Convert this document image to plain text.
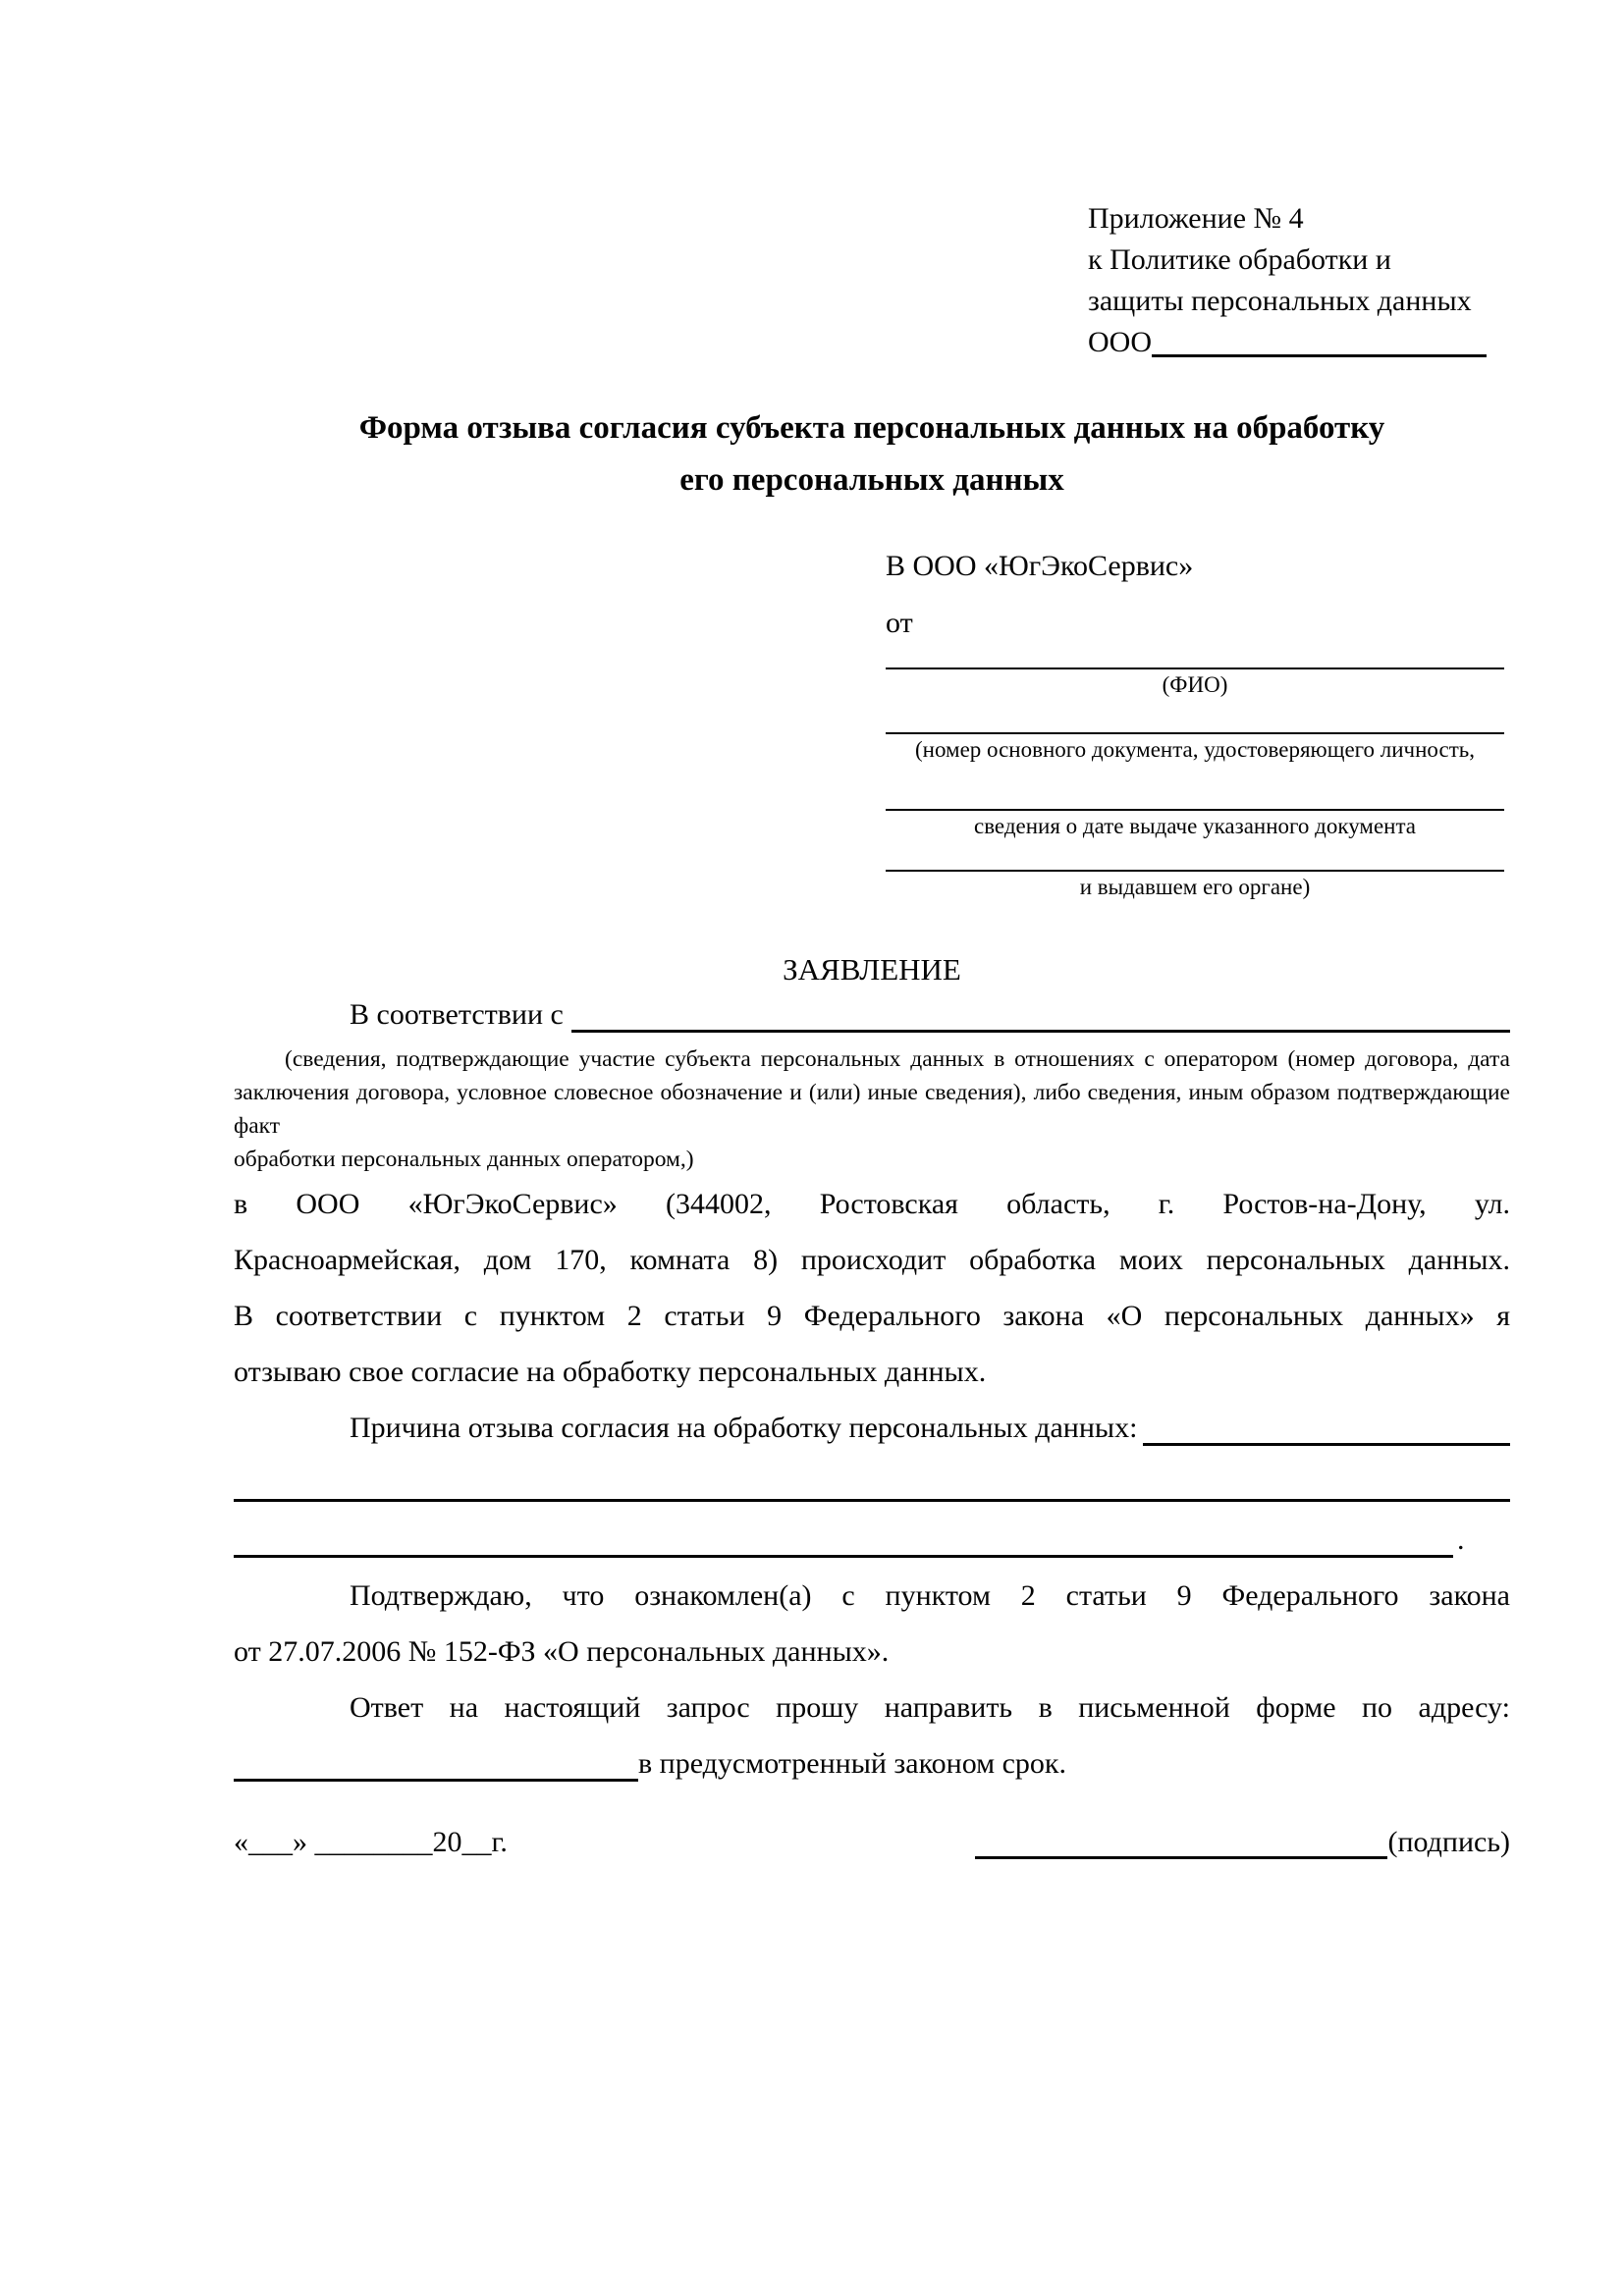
Приложение № 4
к Политике обработки и
защиты персональных данных
ООО
Форма отзыва согласия субъекта персональных данных на обработку
его персональных данных
В ООО «ЮгЭкоСервис»
от
(ФИО)
(номер основного документа, удостоверяющего личность,
сведения о дате выдаче указанного документа
и выдавшем его органе)
ЗАЯВЛЕНИЕ
В соответствии с
(сведения, подтверждающие участие субъекта персональных данных в отношениях с оператором (номер договора, дата
заключения договора, условное словесное обозначение и (или) иные сведения), либо сведения, иным образом подтверждающие факт
обработки персональных данных оператором,)
в ООО «ЮгЭкоСервис» (344002, Ростовская область, г. Ростов-на-Дону, ул.
Красноармейская, дом 170, комната 8) происходит обработка моих персональных данных.
В соответствии с пунктом 2 статьи 9 Федерального закона «О персональных данных» я
отзываю свое согласие на обработку персональных данных.
Причина отзыва согласия на обработку персональных данных:
.
Подтверждаю, что ознакомлен(а) с пунктом 2 статьи 9 Федерального закона
от 27.07.2006 № 152-ФЗ «О персональных данных».
Ответ на настоящий запрос прошу направить в письменной форме по адресу:
в предусмотренный законом срок.
«___» ________20__г.	(подпись)
